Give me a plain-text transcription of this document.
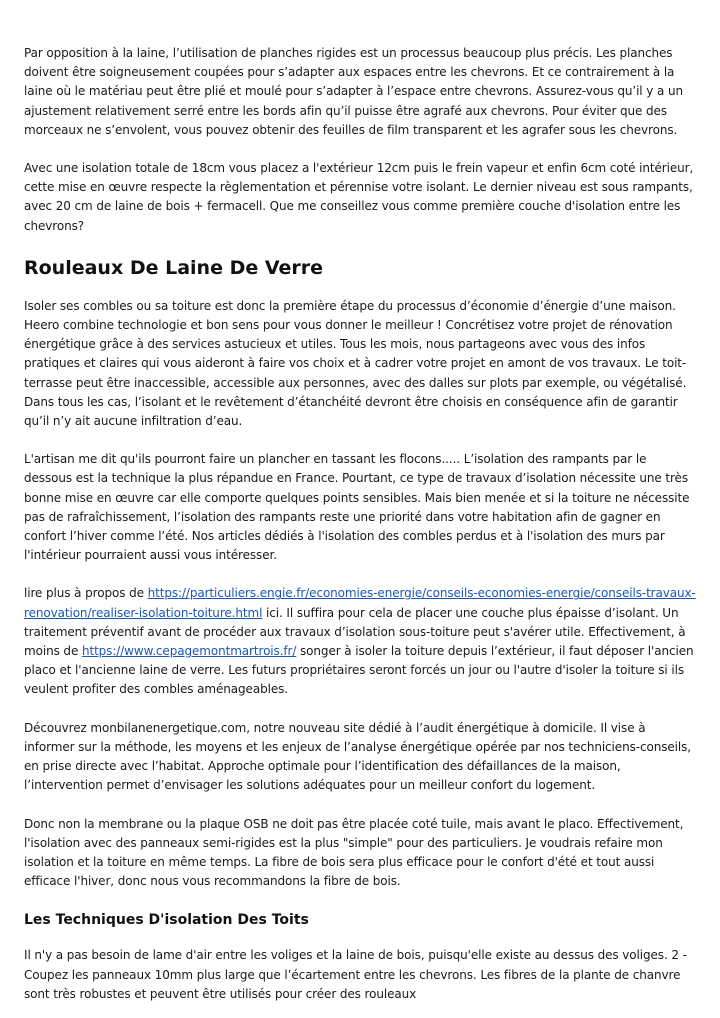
Par opposition à la laine, l’utilisation de planches rigides est un processus beaucoup plus précis. Les planches doivent être soigneusement coupées pour s’adapter aux espaces entre les chevrons. Et ce contrairement à la laine où le matériau peut être plié et moulé pour s’adapter à l’espace entre chevrons. Assurez-vous qu’il y a un ajustement relativement serré entre les bords afin qu’il puisse être agrafé aux chevrons. Pour éviter que des morceaux ne s’envolent, vous pouvez obtenir des feuilles de film transparent et les agrafer sous les chevrons.

Avec une isolation totale de 18cm vous placez a l'extérieur 12cm puis le frein vapeur et enfin 6cm coté intérieur, cette mise en œuvre respecte la règlementation et pérennise votre isolant. Le dernier niveau est sous rampants, avec 20 cm de laine de bois + fermacell. Que me conseillez vous comme première couche d'isolation entre les chevrons?

Rouleaux De Laine De Verre

Isoler ses combles ou sa toiture est donc la première étape du processus d’économie d’énergie d’une maison. Heero combine technologie et bon sens pour vous donner le meilleur ! Concrétisez votre projet de rénovation énergétique grâce à des services astucieux et utiles. Tous les mois, nous partageons avec vous des infos pratiques et claires qui vous aideront à faire vos choix et à cadrer votre projet en amont de vos travaux. Le toit-terrasse peut être inaccessible, accessible aux personnes, avec des dalles sur plots par exemple, ou végétalisé. Dans tous les cas, l’isolant et le revêtement d’étanchéité devront être choisis en conséquence afin de garantir qu’il n’y ait aucune infiltration d’eau.

L'artisan me dit qu'ils pourront faire un plancher en tassant les flocons..... L’isolation des rampants par le dessous est la technique la plus répandue en France. Pourtant, ce type de travaux d’isolation nécessite une très bonne mise en œuvre car elle comporte quelques points sensibles. Mais bien menée et si la toiture ne nécessite pas de rafraîchissement, l’isolation des rampants reste une priorité dans votre habitation afin de gagner en confort l’hiver comme l’été. Nos articles dédiés à l'isolation des combles perdus et à l'isolation des murs par l'intérieur pourraient aussi vous intéresser.

lire plus à propos de https://particuliers.engie.fr/economies-energie/conseils-economies-energie/conseils-travaux-renovation/realiser-isolation-toiture.html ici. Il suffira pour cela de placer une couche plus épaisse d’isolant. Un traitement préventif avant de procéder aux travaux d’isolation sous-toiture peut s'avérer utile. Effectivement, à moins de https://www.cepagemontmartrois.fr/ songer à isoler la toiture depuis l’extérieur, il faut déposer l'ancien placo et l'ancienne laine de verre. Les futurs propriétaires seront forcés un jour ou l'autre d'isoler la toiture si ils veulent profiter des combles aménageables.

Découvrez monbilanenergetique.com, notre nouveau site dédié à l’audit énergétique à domicile. Il vise à informer sur la méthode, les moyens et les enjeux de l’analyse énergétique opérée par nos techniciens-conseils, en prise directe avec l’habitat. Approche optimale pour l’identification des défaillances de la maison, l’intervention permet d’envisager les solutions adéquates pour un meilleur confort du logement.

Donc non la membrane ou la plaque OSB ne doit pas être placée coté tuile, mais avant le placo. Effectivement, l'isolation avec des panneaux semi-rigides est la plus "simple" pour des particuliers. Je voudrais refaire mon isolation et la toiture en même temps. La fibre de bois sera plus efficace pour le confort d'été et tout aussi efficace l'hiver, donc nous vous recommandons la fibre de bois.

Les Techniques D'isolation Des Toits

Il n'y a pas besoin de lame d'air entre les voliges et la laine de bois, puisqu'elle existe au dessus des voliges. 2 - Coupez les panneaux 10mm plus large que l’écartement entre les chevrons. Les fibres de la plante de chanvre sont très robustes et peuvent être utilisés pour créer des rouleaux
